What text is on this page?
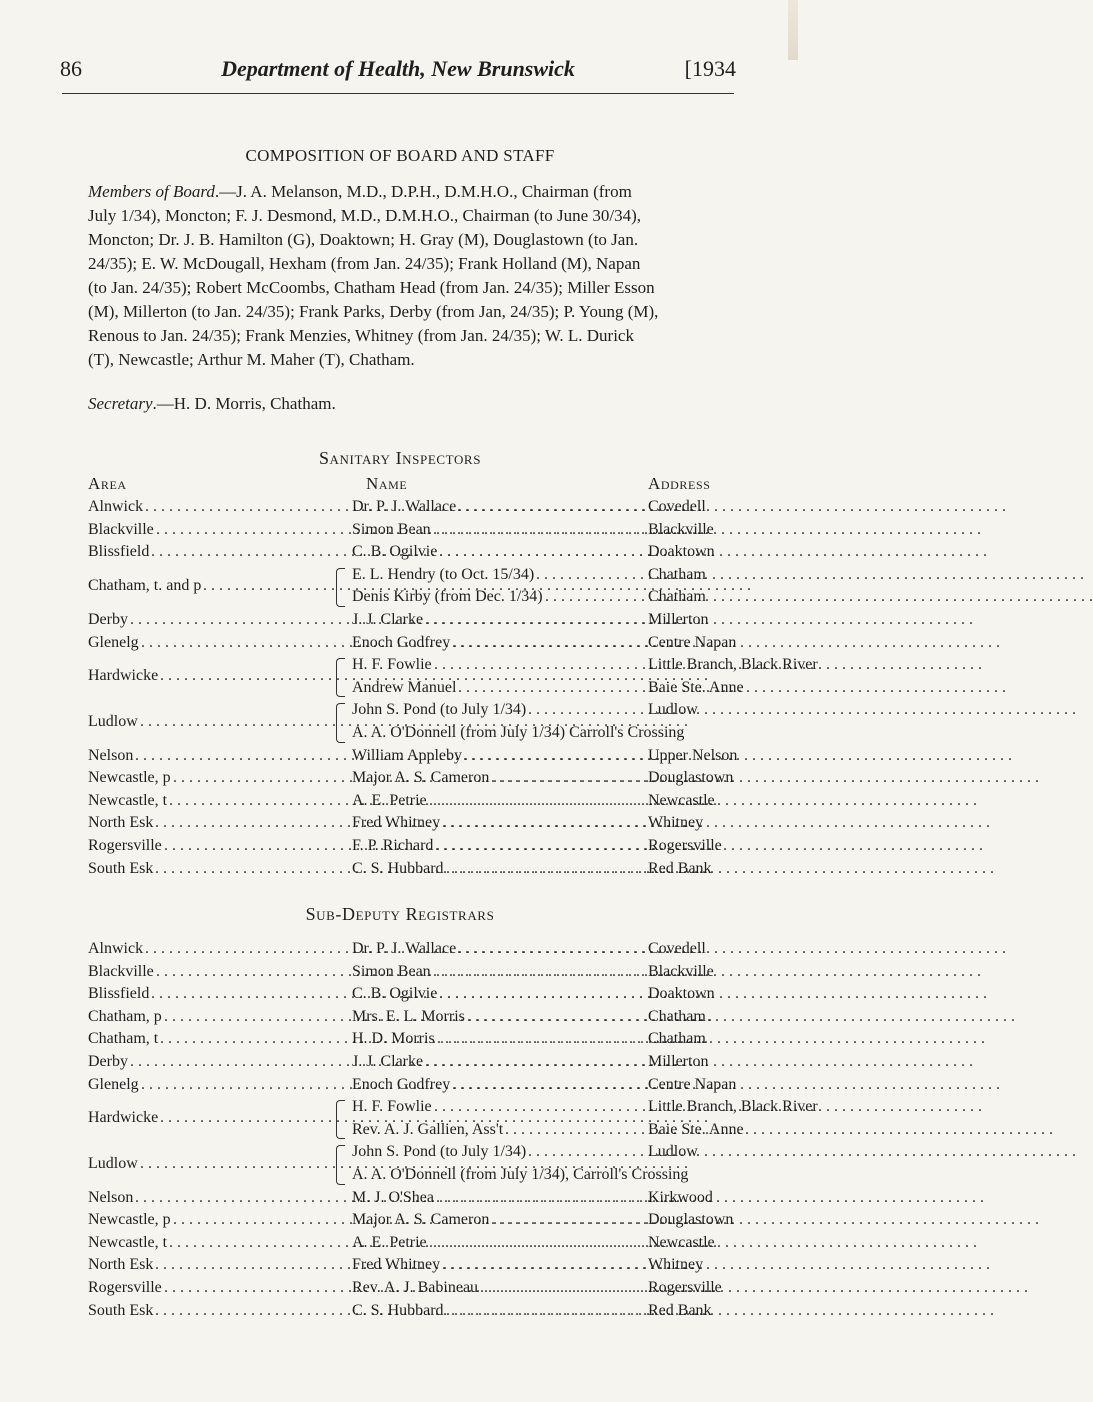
86	Department of Health, New Brunswick	[1934
COMPOSITION OF BOARD AND STAFF
Members of Board.—J. A. Melanson, M.D., D.P.H., D.M.H.O., Chairman (from
July 1/34), Moncton; F. J. Desmond, M.D., D.M.H.O., Chairman (to June 30/34),
Moncton; Dr. J. B. Hamilton (G), Doaktown; H. Gray (M), Douglastown (to Jan.
24/35); E. W. McDougall, Hexham (from Jan. 24/35); Frank Holland (M), Napan
(to Jan. 24/35); Robert McCoombs, Chatham Head (from Jan. 24/35); Miller Esson
(M), Millerton (to Jan. 24/35); Frank Parks, Derby (from Jan, 24/35); P. Young (M),
Renous to Jan. 24/35); Frank Menzies, Whitney (from Jan. 24/35); W. L. Durick
(T), Newcastle; Arthur M. Maher (T), Chatham.
Secretary.—H. D. Morris, Chatham.
Sanitary Inspectors
Area	Name	Address
Alnwick . . .	Dr. P. J. Wallace . . .	Covedell
Blackville . . .	Simon Bean . . .	Blackville
Blissfield . . .	C. B. Ogilvie . . .	Doaktown
Chatham, t. and p
. . .
E. L. Hendry (to Oct. 15/34) . . .	Chatham
Denis Kirby (from Dec. 1/34) . . .	Chatham
Derby . . .	J. J. Clarke . . .	Millerton
Glenelg . . .	Enoch Godfrey . . .	Centre Napan
Hardwicke
. . .
H. F. Fowlie . . .	Little Branch, Black River
Andrew Manuel . . .	Baie Ste. Anne
Ludlow
. . .
John S. Pond (to July 1/34) . . .	Ludlow
A. A. O'Donnell (from July 1/34) Carroll's Crossing
Nelson . . .	William Appleby . . .	Upper Nelson
Newcastle, p . . .	Major A. S. Cameron . . .	Douglastown
Newcastle, t . . .	A. E. Petrie . . .	Newcastle
North Esk . . .	Fred Whitney . . .	Whitney
Rogersville . . .	F. P. Richard . . .	Rogersville
South Esk . . .	C. S. Hubbard . . .	Red Bank
Sub-Deputy Registrars
Alnwick . . .	Dr. P. J. Wallace . . .	Covedell
Blackville . . .	Simon Bean . . .	Blackville
Blissfield . . .	C. B. Ogilvie . . .	Doaktown
Chatham, p . . .	Mrs. E. L. Morris . . .	Chatham
Chatham, t . . .	H. D. Morris . . .	Chatham
Derby . . .	J. J. Clarke . . .	Millerton
Glenelg . . .	Enoch Godfrey . . .	Centre Napan
Hardwicke
. . .
H. F. Fowlie . . .	Little Branch, Black River
Rev. A. J. Gallien, Ass't . . .	Baie Ste. Anne
Ludlow
. . .
John S. Pond (to July 1/34) . . .	Ludlow
A. A. O'Donnell (from July 1/34), Carroll's Crossing
Nelson . . .	M. J. O'Shea . . .	Kirkwood
Newcastle, p . . .	Major A. S. Cameron . . .	Douglastown
Newcastle, t . . .	A. E. Petrie . . .	Newcastle
North Esk . . .	Fred Whitney . . .	Whitney
Rogersville . . .	Rev. A. J. Babineau . . .	Rogersville
South Esk . . .	C. S. Hubbard . . .	Red Bank
